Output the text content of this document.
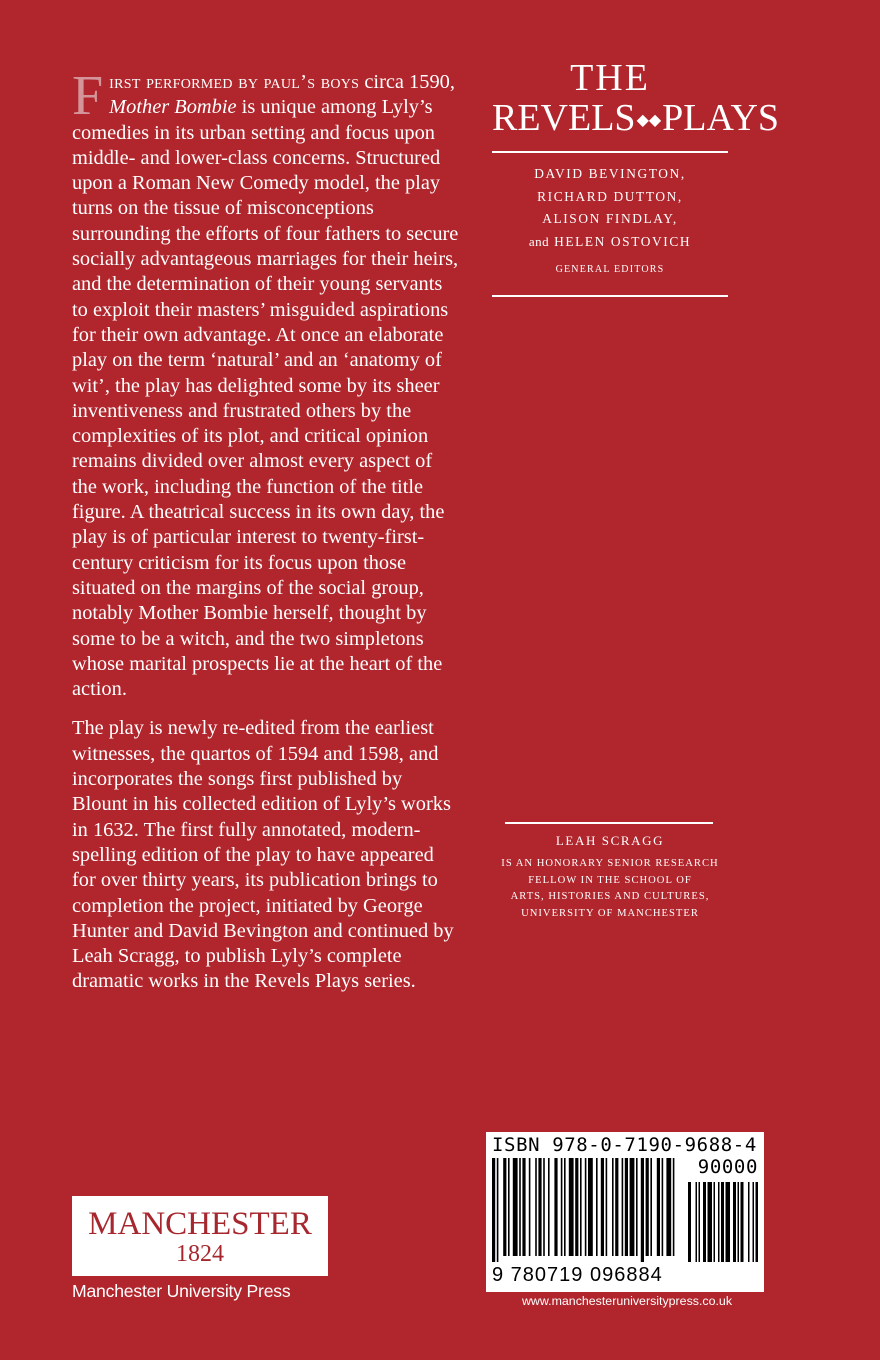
First performed by paul’s boys circa 1590, Mother Bombie is unique among Lyly’s comedies in its urban setting and focus upon middle- and lower-class concerns. Structured upon a Roman New Comedy model, the play turns on the tissue of misconceptions surrounding the efforts of four fathers to secure socially advantageous marriages for their heirs, and the determination of their young servants to exploit their masters’ misguided aspirations for their own advantage. At once an elaborate play on the term ‘natural’ and an ‘anatomy of wit’, the play has delighted some by its sheer inventiveness and frustrated others by the complexities of its plot, and critical opinion remains divided over almost every aspect of the work, including the function of the title figure. A theatrical success in its own day, the play is of particular interest to twenty-first-century criticism for its focus upon those situated on the margins of the social group, notably Mother Bombie herself, thought by some to be a witch, and the two simpletons whose marital prospects lie at the heart of the action.

The play is newly re-edited from the earliest witnesses, the quartos of 1594 and 1598, and incorporates the songs first published by Blount in his collected edition of Lyly’s works in 1632. The first fully annotated, modern-spelling edition of the play to have appeared for over thirty years, its publication brings to completion the project, initiated by George Hunter and David Bevington and continued by Leah Scragg, to publish Lyly’s complete dramatic works in the Revels Plays series.

THE
REVELS◆◆PLAYS
DAVID BEVINGTON,
RICHARD DUTTON,
ALISON FINDLAY,
and HELEN OSTOVICH
GENERAL EDITORS
LEAH SCRAGG
IS AN HONORARY SENIOR RESEARCH
FELLOW IN THE SCHOOL OF
ARTS, HISTORIES AND CULTURES,
UNIVERSITY OF MANCHESTER
MANCHESTER
1824
Manchester University Press
ISBN 978-0-7190-9688-4
90000
9 780719 096884
www.manchesteruniversitypress.co.uk
